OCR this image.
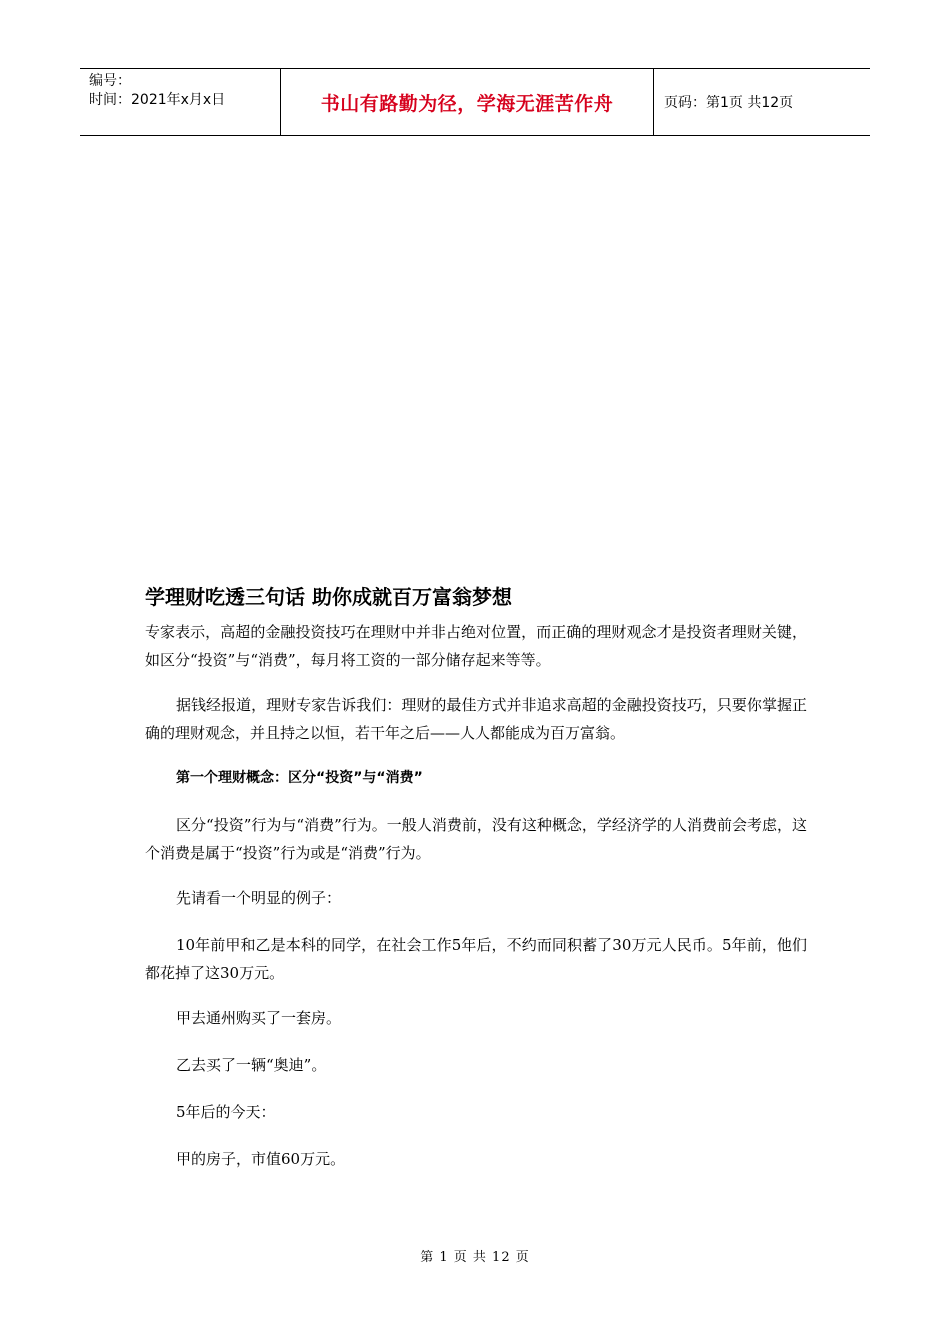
编号：
时间：2021年x月x日	书山有路勤为径，学海无涯苦作舟	页码：第1页 共12页
学理财吃透三句话 助你成就百万富翁梦想

专家表示，高超的金融投资技巧在理财中并非占绝对位置，而正确的理财观念才是投资者理财关键，如区分“投资”与“消费”，每月将工资的一部分储存起来等等。

据钱经报道，理财专家告诉我们：理财的最佳方式并非追求高超的金融投资技巧，只要你掌握正确的理财观念，并且持之以恒，若干年之后——人人都能成为百万富翁。

第一个理财概念：区分“投资”与“消费”

区分“投资”行为与“消费”行为。一般人消费前，没有这种概念，学经济学的人消费前会考虑，这个消费是属于“投资”行为或是“消费”行为。

先请看一个明显的例子：

10年前甲和乙是本科的同学，在社会工作5年后，不约而同积蓄了30万元人民币。5年前，他们都花掉了这30万元。

甲去通州购买了一套房。

乙去买了一辆“奥迪”。

5年后的今天：

甲的房子，市值60万元。

第 1 页 共 12 页
